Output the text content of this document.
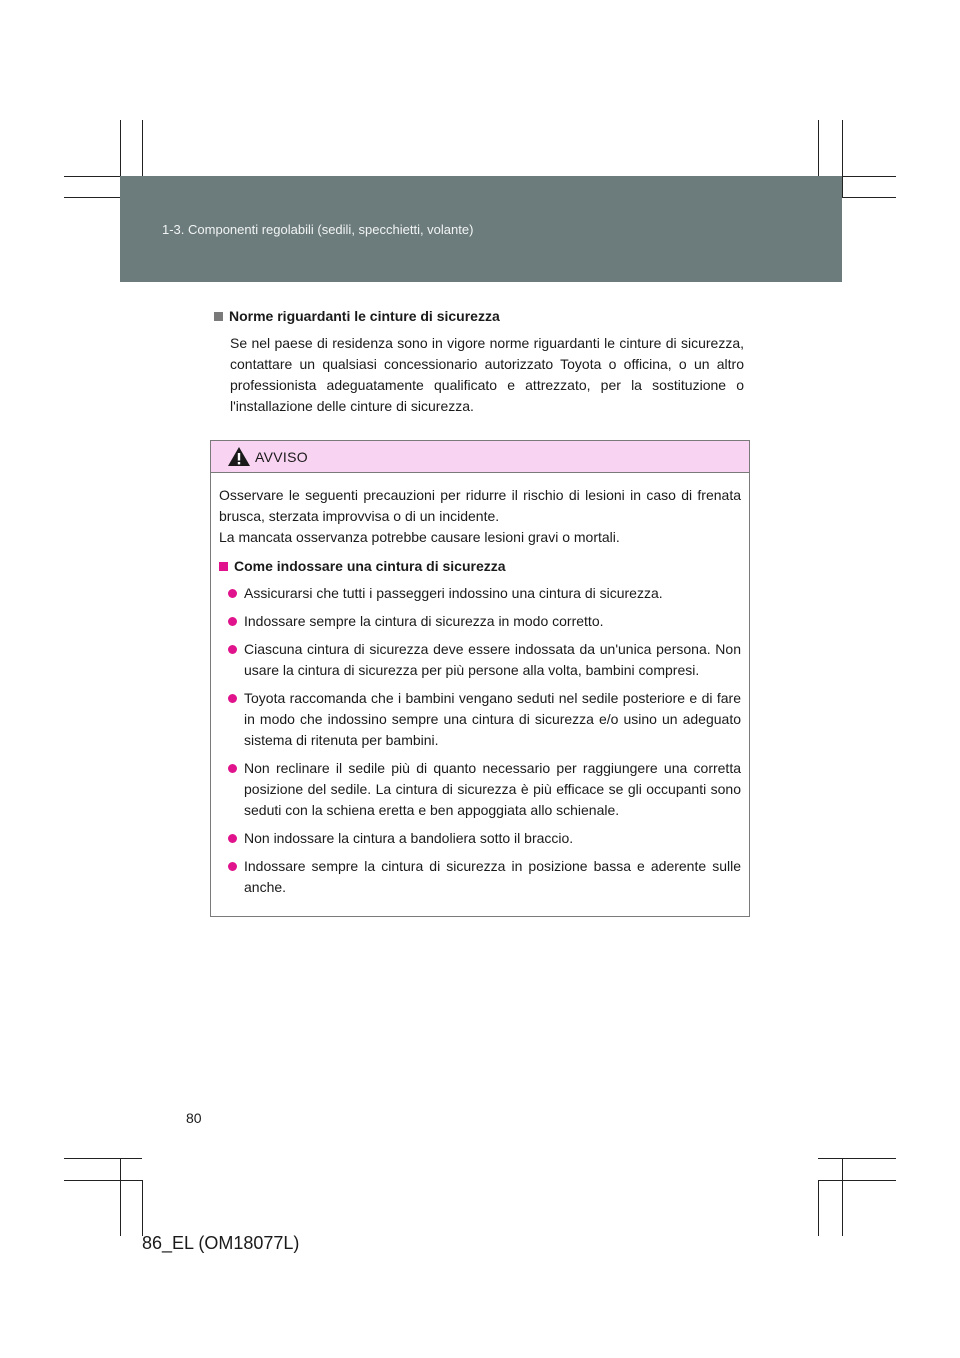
1-3. Componenti regolabili (sedili, specchietti, volante)
Norme riguardanti le cinture di sicurezza

Se nel paese di residenza sono in vigore norme riguardanti le cinture di sicurezza, contattare un qualsiasi concessionario autorizzato Toyota o officina, o un altro professionista adeguatamente qualificato e attrezzato, per la sostituzione o l'installazione delle cinture di sicurezza.

AVVISO

Osservare le seguenti precauzioni per ridurre il rischio di lesioni in caso di frenata brusca, sterzata improvvisa o di un incidente.

La mancata osservanza potrebbe causare lesioni gravi o mortali.

Come indossare una cintura di sicurezza
Assicurarsi che tutti i passeggeri indossino una cintura di sicurezza.
Indossare sempre la cintura di sicurezza in modo corretto.
Ciascuna cintura di sicurezza deve essere indossata da un'unica persona. Non usare la cintura di sicurezza per più persone alla volta, bambini compresi.
Toyota raccomanda che i bambini vengano seduti nel sedile posteriore e di fare in modo che indossino sempre una cintura di sicurezza e/o usino un adeguato sistema di ritenuta per bambini.
Non reclinare il sedile più di quanto necessario per raggiungere una corretta posizione del sedile. La cintura di sicurezza è più efficace se gli occupanti sono seduti con la schiena eretta e ben appoggiata allo schienale.
Non indossare la cintura a bandoliera sotto il braccio.
Indossare sempre la cintura di sicurezza in posizione bassa e aderente sulle anche.
80
86_EL (OM18077L)
